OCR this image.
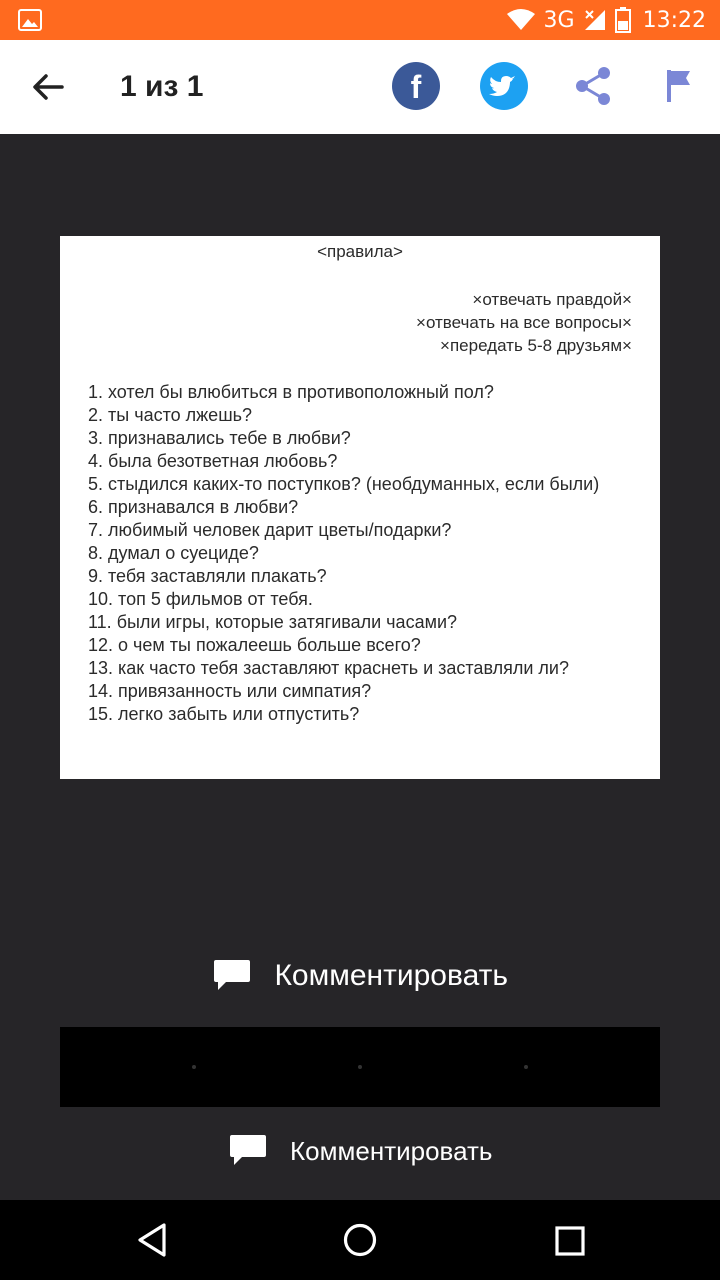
3G	13:22
1 из 1	f
<правила>
×отвечать правдой×
×отвечать на все вопросы×
×передать 5-8 друзьям×
1. хотел бы влюбиться в противоположный пол?
2. ты часто лжешь?
3. признавались тебе в любви?
4. была безответная любовь?
5. стыдился каких-то поступков? (необдуманных, если были)
6. признавался в любви?
7. любимый человек дарит цветы/подарки?
8. думал о суециде?
9. тебя заставляли плакать?
10. топ 5 фильмов от тебя.
11. были игры, которые затягивали часами?
12. о чем ты пожалеешь больше всего?
13. как часто тебя заставляют краснеть и заставляли ли?
14. привязанность или симпатия?
15. легко забыть или отпустить?
Комментировать
Комментировать
